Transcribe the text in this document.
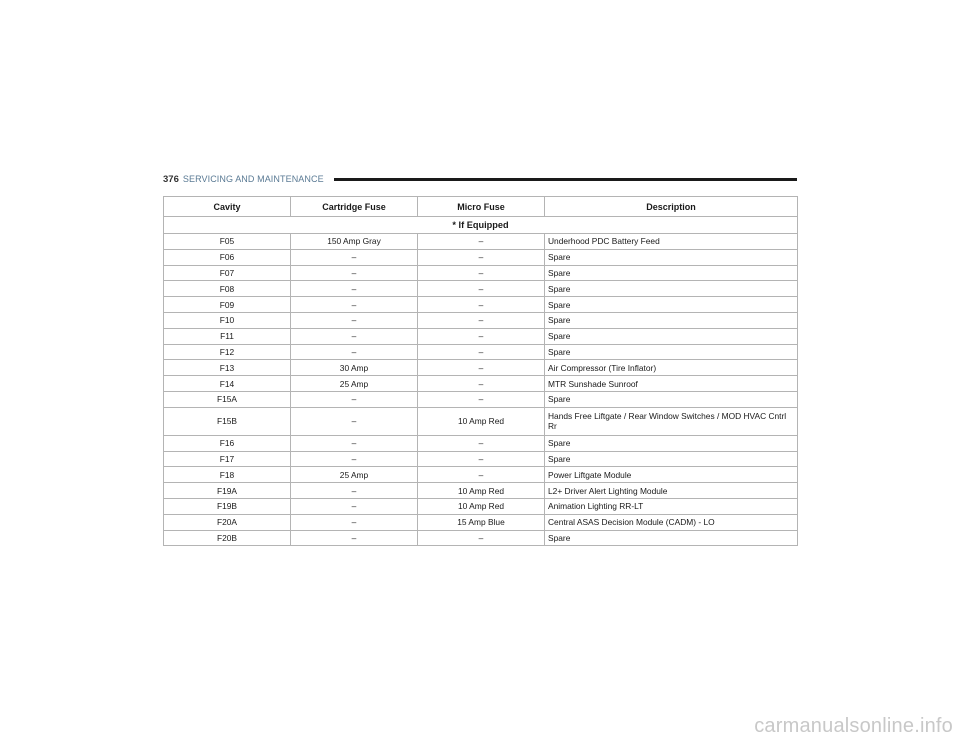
376 SERVICING AND MAINTENANCE
Cavity	Cartridge Fuse	Micro Fuse	Description
* If Equipped			
F05	150 Amp Gray	–	Underhood PDC Battery Feed
F06	–	–	Spare
F07	–	–	Spare
F08	–	–	Spare
F09	–	–	Spare
F10	–	–	Spare
F11	–	–	Spare
F12	–	–	Spare
F13	30 Amp	–	Air Compressor (Tire Inflator)
F14	25 Amp	–	MTR Sunshade Sunroof
F15A	–	–	Spare
F15B	–	10 Amp Red	Hands Free Liftgate / Rear Window Switches / MOD HVAC Cntrl Rr
F16	–	–	Spare
F17	–	–	Spare
F18	25 Amp	–	Power Liftgate Module
F19A	–	10 Amp Red	L2+ Driver Alert Lighting Module
F19B	–	10 Amp Red	Animation Lighting RR-LT
F20A	–	15 Amp Blue	Central ASAS Decision Module (CADM) - LO
F20B	–	–	Spare
carmanualsonline.info
